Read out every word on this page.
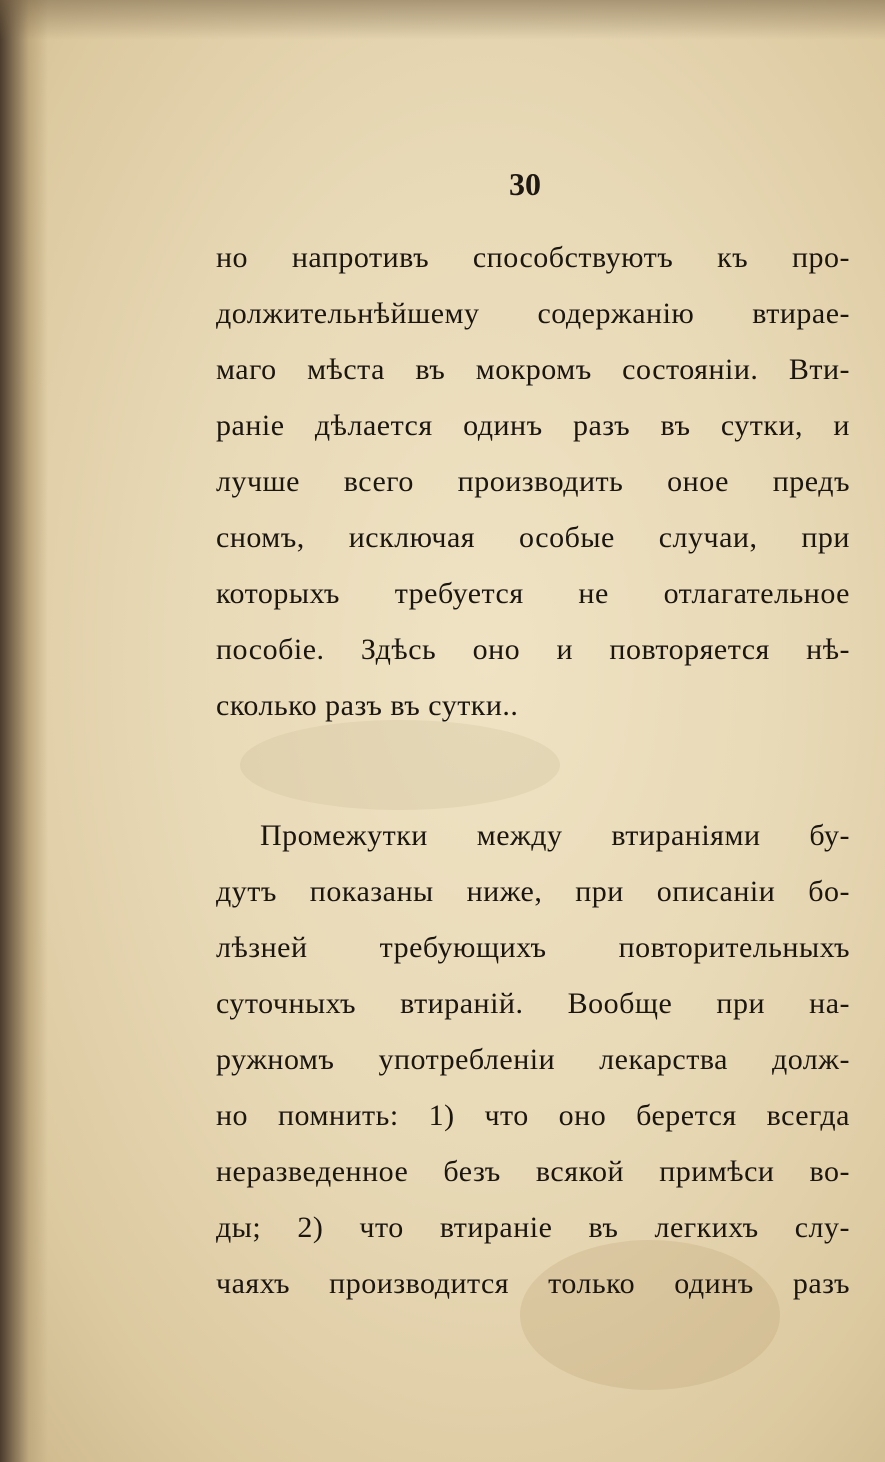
30
но напротивъ способствуютъ къ про-
должительнѣйшему содержанію втирае-
маго мѣста въ мокромъ состояніи. Вти-
раніе дѣлается одинъ разъ въ сутки, и
лучше всего производить оное предъ
сномъ, исключая особые случаи, при
которыхъ требуется не отлагательное
пособіе. Здѣсь оно и повторяется нѣ-
сколько разъ въ сутки..
Промежутки между втираніями бу-
дутъ показаны ниже, при описаніи бо-
лѣзней требующихъ повторительныхъ
суточныхъ втираній. Вообще при на-
ружномъ употребленіи лекарства долж-
но помнить: 1) что оно берется всегда
неразведенное безъ всякой примѣси во-
ды; 2) что втираніе въ легкихъ слу-
чаяхъ производится только одинъ разъ
